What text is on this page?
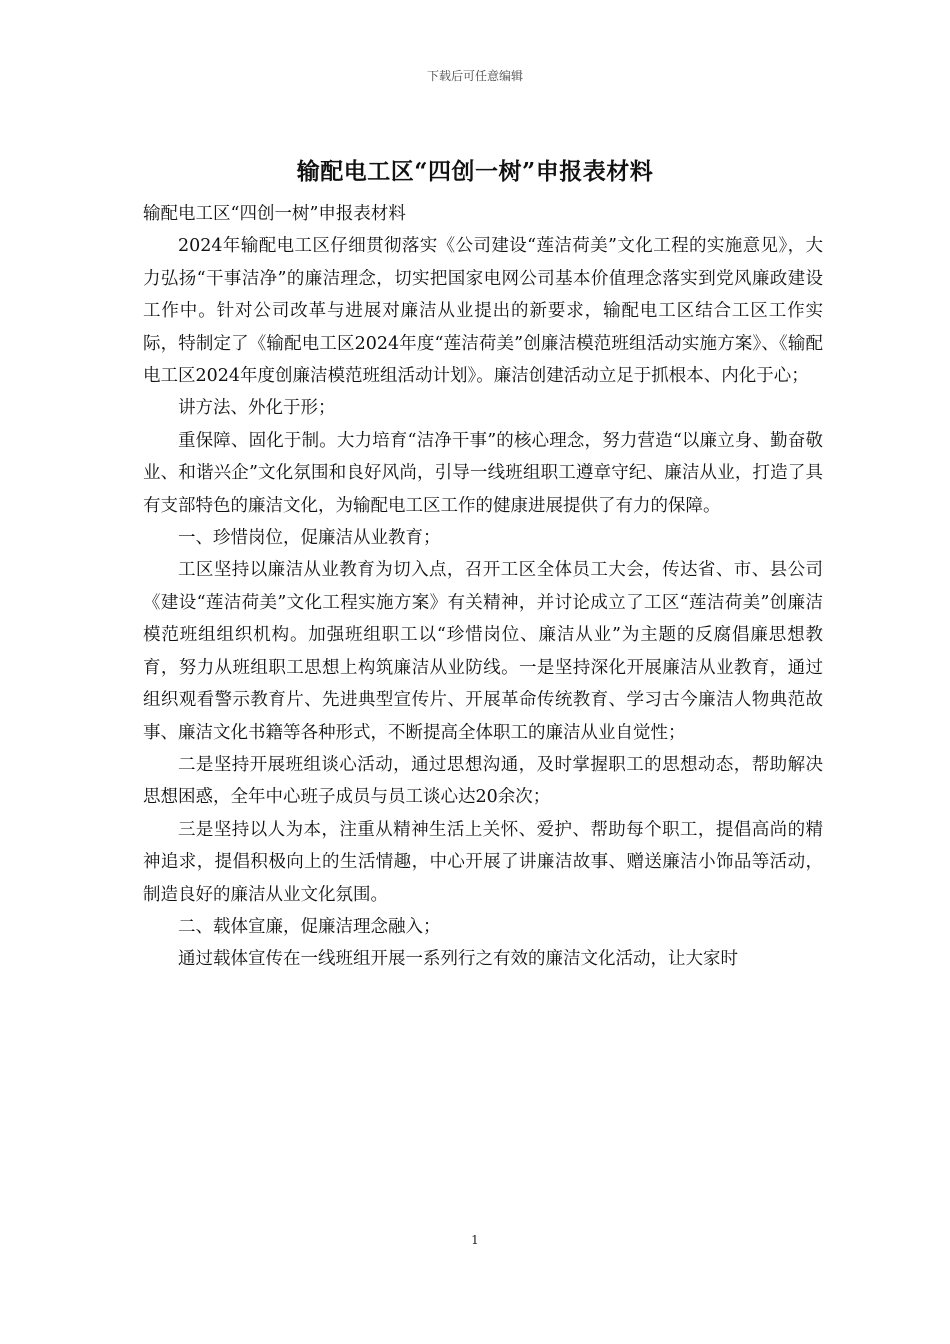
下载后可任意编辑
输配电工区“四创一树”申报表材料

输配电工区“四创一树”申报表材料

2024年输配电工区仔细贯彻落实《公司建设“莲洁荷美”文化工程的实施意见》，大力弘扬“干事洁净”的廉洁理念，切实把国家电网公司基本价值理念落实到党风廉政建设工作中。针对公司改革与进展对廉洁从业提出的新要求，输配电工区结合工区工作实际，特制定了《输配电工区2024年度“莲洁荷美”创廉洁模范班组活动实施方案》、《输配电工区2024年度创廉洁模范班组活动计划》。廉洁创建活动立足于抓根本、内化于心；

讲方法、外化于形；

重保障、固化于制。大力培育“洁净干事”的核心理念，努力营造“以廉立身、勤奋敬业、和谐兴企”文化氛围和良好风尚，引导一线班组职工遵章守纪、廉洁从业，打造了具有支部特色的廉洁文化，为输配电工区工作的健康进展提供了有力的保障。

一、珍惜岗位，促廉洁从业教育；

工区坚持以廉洁从业教育为切入点，召开工区全体员工大会，传达省、市、县公司《建设“莲洁荷美”文化工程实施方案》有关精神，并讨论成立了工区“莲洁荷美”创廉洁模范班组组织机构。加强班组职工以“珍惜岗位、廉洁从业”为主题的反腐倡廉思想教育，努力从班组职工思想上构筑廉洁从业防线。一是坚持深化开展廉洁从业教育，通过组织观看警示教育片、先进典型宣传片、开展革命传统教育、学习古今廉洁人物典范故事、廉洁文化书籍等各种形式，不断提高全体职工的廉洁从业自觉性；

二是坚持开展班组谈心活动，通过思想沟通，及时掌握职工的思想动态，帮助解决思想困惑，全年中心班子成员与员工谈心达20余次；

三是坚持以人为本，注重从精神生活上关怀、爱护、帮助每个职工，提倡高尚的精神追求，提倡积极向上的生活情趣，中心开展了讲廉洁故事、赠送廉洁小饰品等活动，制造良好的廉洁从业文化氛围。

二、载体宣廉，促廉洁理念融入；

通过载体宣传在一线班组开展一系列行之有效的廉洁文化活动，让大家时

1
